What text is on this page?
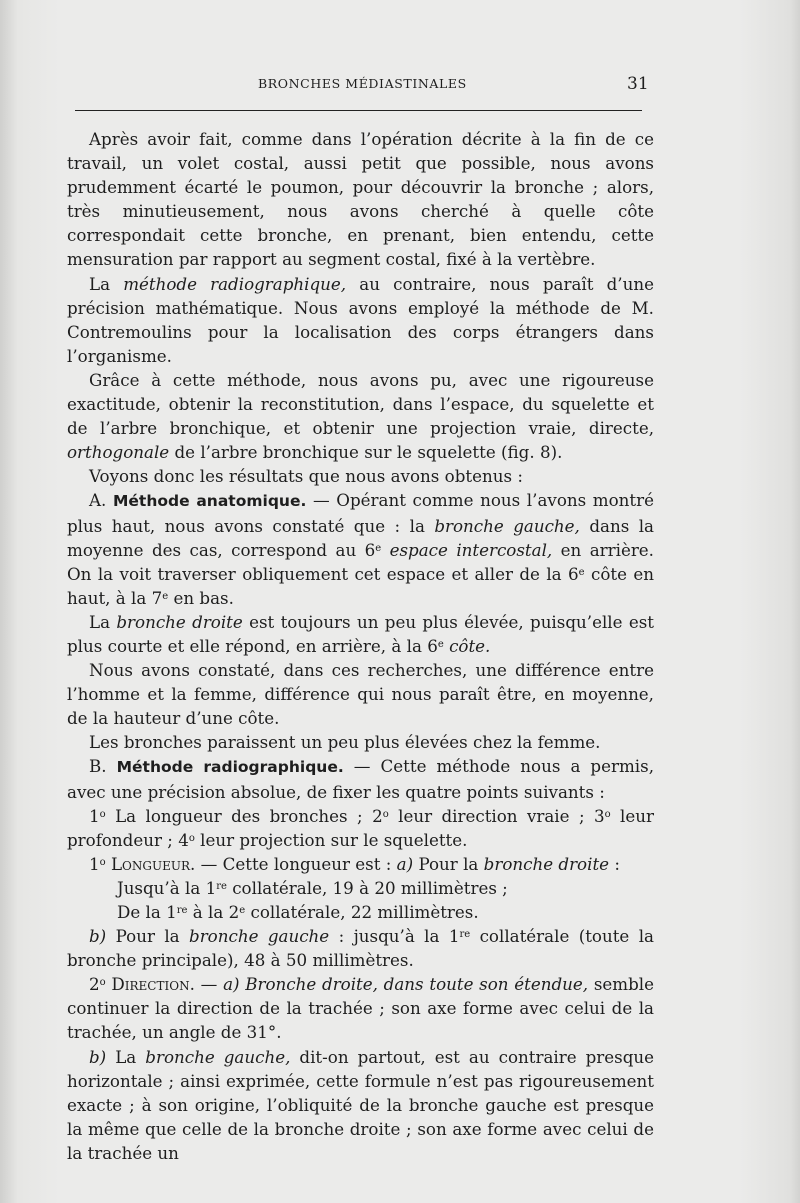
BRONCHES MÉDIASTINALES	31

Après avoir fait, comme dans l’opération décrite à la fin de ce travail, un volet costal, aussi petit que possible, nous avons prudemment écarté le poumon, pour découvrir la bronche ; alors, très minutieusement, nous avons cherché à quelle côte correspondait cette bronche, en prenant, bien entendu, cette mensuration par rapport au segment costal, fixé à la vertèbre.

La méthode radiographique, au contraire, nous paraît d’une précision mathématique. Nous avons employé la méthode de M. Contremoulins pour la localisation des corps étrangers dans l’organisme.

Grâce à cette méthode, nous avons pu, avec une rigoureuse exactitude, obtenir la reconstitution, dans l’espace, du squelette et de l’arbre bronchique, et obtenir une projection vraie, directe, orthogonale de l’arbre bronchique sur le squelette (fig. 8).

Voyons donc les résultats que nous avons obtenus :

A. Méthode anatomique. — Opérant comme nous l’avons montré plus haut, nous avons constaté que : la bronche gauche, dans la moyenne des cas, correspond au 6e espace intercostal, en arrière. On la voit traverser obliquement cet espace et aller de la 6e côte en haut, à la 7e en bas.

La bronche droite est toujours un peu plus élevée, puisqu’elle est plus courte et elle répond, en arrière, à la 6e côte.

Nous avons constaté, dans ces recherches, une différence entre l’homme et la femme, différence qui nous paraît être, en moyenne, de la hauteur d’une côte.

Les bronches paraissent un peu plus élevées chez la femme.

B. Méthode radiographique. — Cette méthode nous a permis, avec une précision absolue, de fixer les quatre points suivants :

1$^o$ La longueur des bronches ; 2$^o$ leur direction vraie ; 3$^o$ leur profondeur ; 4$^o$ leur projection sur le squelette.

1$^o$ Longueur. — Cette longueur est : a) Pour la bronche droite :

Jusqu’à la 1re collatérale, 19 à 20 millimètres ;

De la 1re à la 2e collatérale, 22 millimètres.

b) Pour la bronche gauche : jusqu’à la 1re collatérale (toute la bronche principale), 48 à 50 millimètres.

2$^o$ Direction. — a) Bronche droite, dans toute son étendue, semble continuer la direction de la trachée ; son axe forme avec celui de la trachée, un angle de 31°.

b) La bronche gauche, dit-on partout, est au contraire presque horizontale ; ainsi exprimée, cette formule n’est pas rigoureusement exacte ; à son origine, l’obliquité de la bronche gauche est presque la même que celle de la bronche droite ; son axe forme avec celui de la trachée un
